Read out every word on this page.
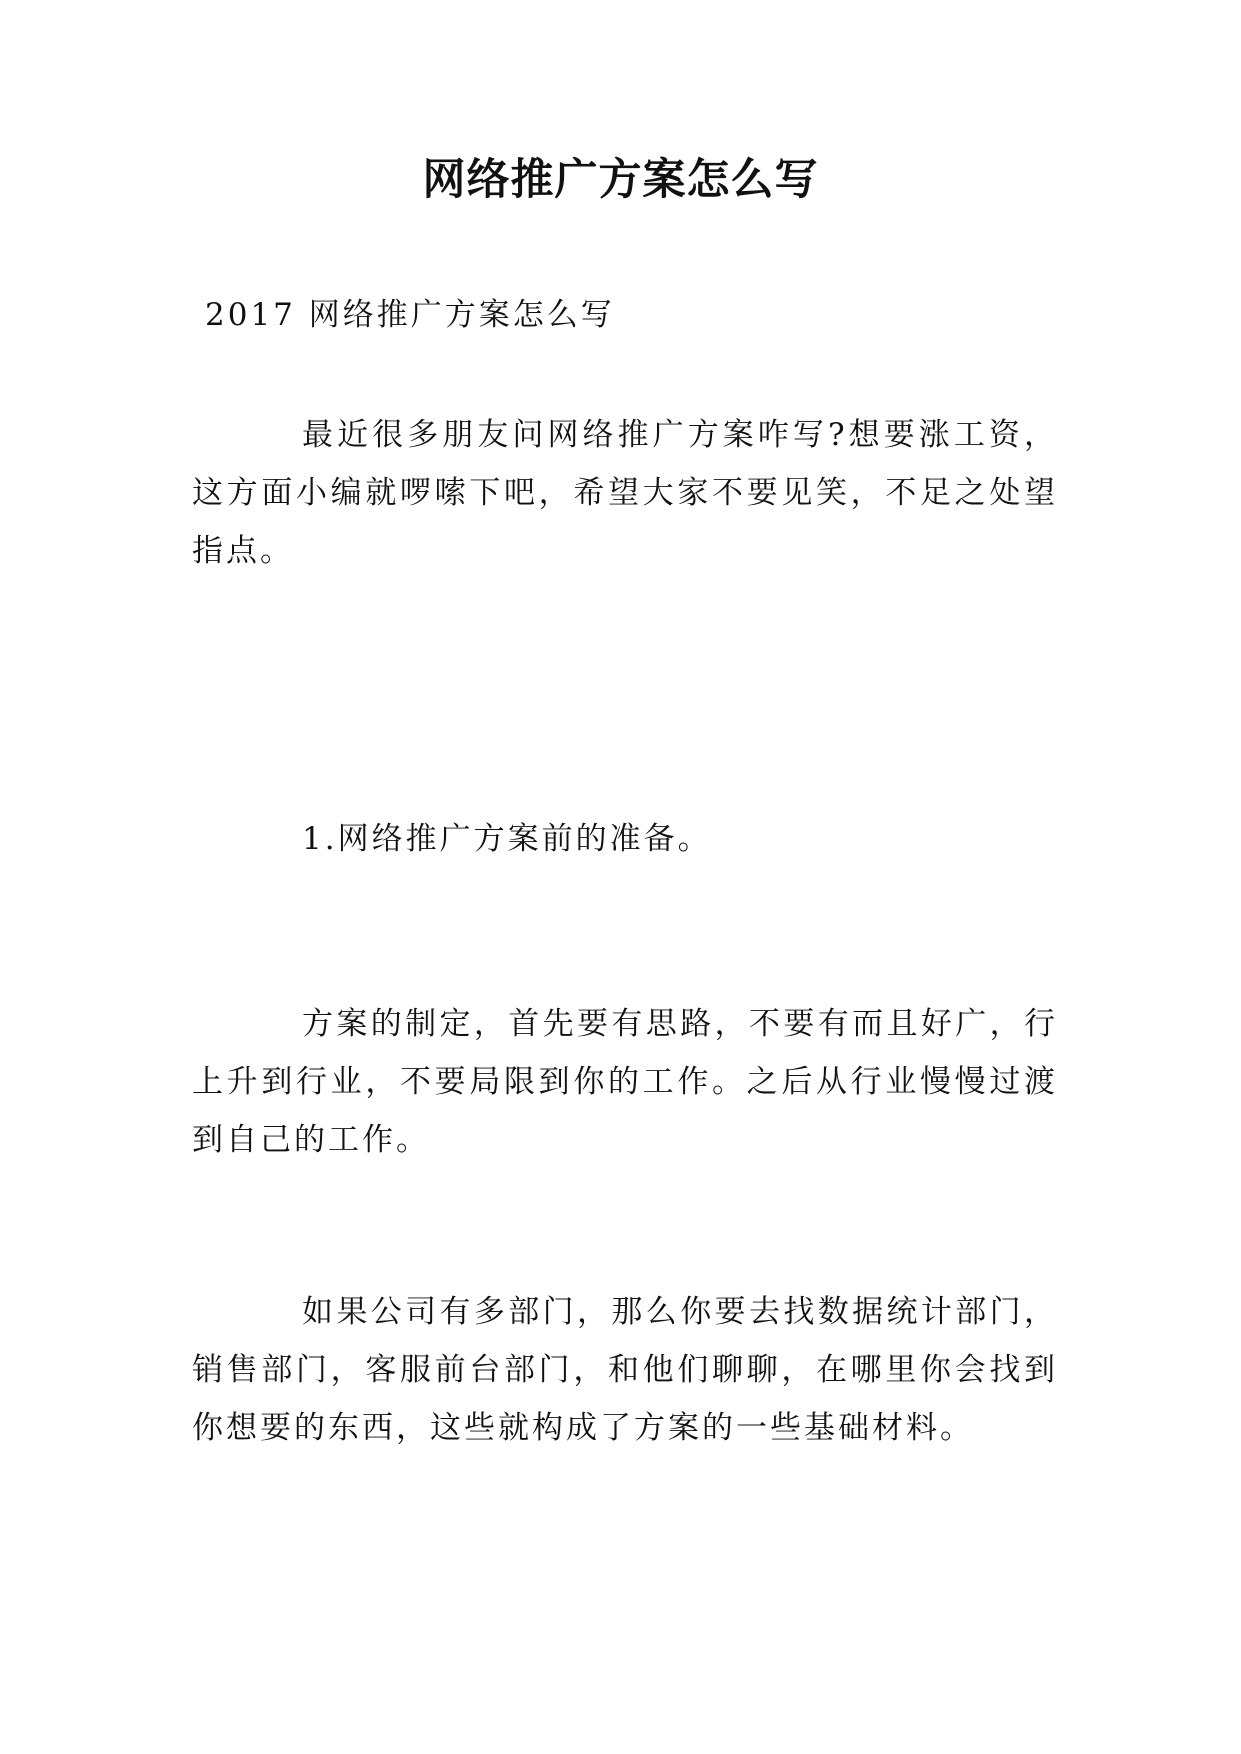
网络推广方案怎么写
2017 网络推广方案怎么写
最近很多朋友问网络推广方案咋写?想要涨工资，这方面小编就啰嗦下吧，希望大家不要见笑，不足之处望指点。
1.网络推广方案前的准备。
方案的制定，首先要有思路，不要有而且好广，行上升到行业，不要局限到你的工作。之后从行业慢慢过渡到自己的工作。
如果公司有多部门，那么你要去找数据统计部门，销售部门，客服前台部门，和他们聊聊，在哪里你会找到你想要的东西，这些就构成了方案的一些基础材料。
